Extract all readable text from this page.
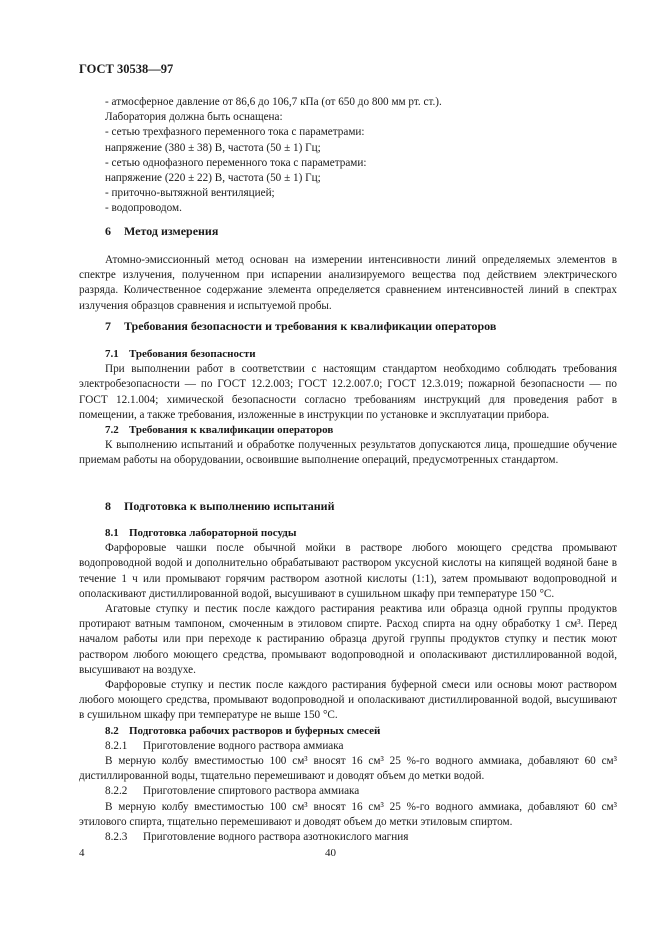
ГОСТ 30538—97

- атмосферное давление от 86,6 до 106,7 кПа (от 650 до 800 мм рт. ст.).

Лаборатория должна быть оснащена:

- сетью трехфазного переменного тока с параметрами:

напряжение (380 ± 38) В, частота (50 ± 1) Гц;

- сетью однофазного переменного тока с параметрами:

напряжение (220 ± 22) В, частота (50 ± 1) Гц;

- приточно-вытяжной вентиляцией;

- водопроводом.

6 Метод измерения

Атомно-эмиссионный метод основан на измерении интенсивности линий определяемых элементов в спектре излучения, полученном при испарении анализируемого вещества под действием электрического разряда. Количественное содержание элемента определяется сравнением интенсивностей линий в спектрах излучения образцов сравнения и испытуемой пробы.

7 Требования безопасности и требования к квалификации операторов

7.1 Требования безопасности

При выполнении работ в соответствии с настоящим стандартом необходимо соблюдать требования электробезопасности — по ГОСТ 12.2.003; ГОСТ 12.2.007.0; ГОСТ 12.3.019; пожарной безопасности — по ГОСТ 12.1.004; химической безопасности согласно требованиям инструкций для проведения работ в помещении, а также требования, изложенные в инструкции по установке и эксплуатации прибора.

7.2 Требования к квалификации операторов

К выполнению испытаний и обработке полученных результатов допускаются лица, прошедшие обучение приемам работы на оборудовании, освоившие выполнение операций, предусмотренных стандартом.

8 Подготовка к выполнению испытаний

8.1 Подготовка лабораторной посуды

Фарфоровые чашки после обычной мойки в растворе любого моющего средства промывают водопроводной водой и дополнительно обрабатывают раствором уксусной кислоты на кипящей водяной бане в течение 1 ч или промывают горячим раствором азотной кислоты (1:1), затем промывают водопроводной и ополаскивают дистиллированной водой, высушивают в сушильном шкафу при температуре 150 °С.

Агатовые ступку и пестик после каждого растирания реактива или образца одной группы продуктов протирают ватным тампоном, смоченным в этиловом спирте. Расход спирта на одну обработку 1 см³. Перед началом работы или при переходе к растиранию образца другой группы продуктов ступку и пестик моют раствором любого моющего средства, промывают водопроводной и ополаскивают дистиллированной водой, высушивают на воздухе.

Фарфоровые ступку и пестик после каждого растирания буферной смеси или основы моют раствором любого моющего средства, промывают водопроводной и ополаскивают дистиллированной водой, высушивают в сушильном шкафу при температуре не выше 150 °С.

8.2 Подготовка рабочих растворов и буферных смесей

8.2.1 Приготовление водного раствора аммиака

В мерную колбу вместимостью 100 см³ вносят 16 см³ 25 %-го водного аммиака, добавляют 60 см³ дистиллированной воды, тщательно перемешивают и доводят объем до метки водой.

8.2.2 Приготовление спиртового раствора аммиака

В мерную колбу вместимостью 100 см³ вносят 16 см³ 25 %-го водного аммиака, добавляют 60 см³ этилового спирта, тщательно перемешивают и доводят объем до метки этиловым спиртом.

8.2.3 Приготовление водного раствора азотнокислого магния

4	40
